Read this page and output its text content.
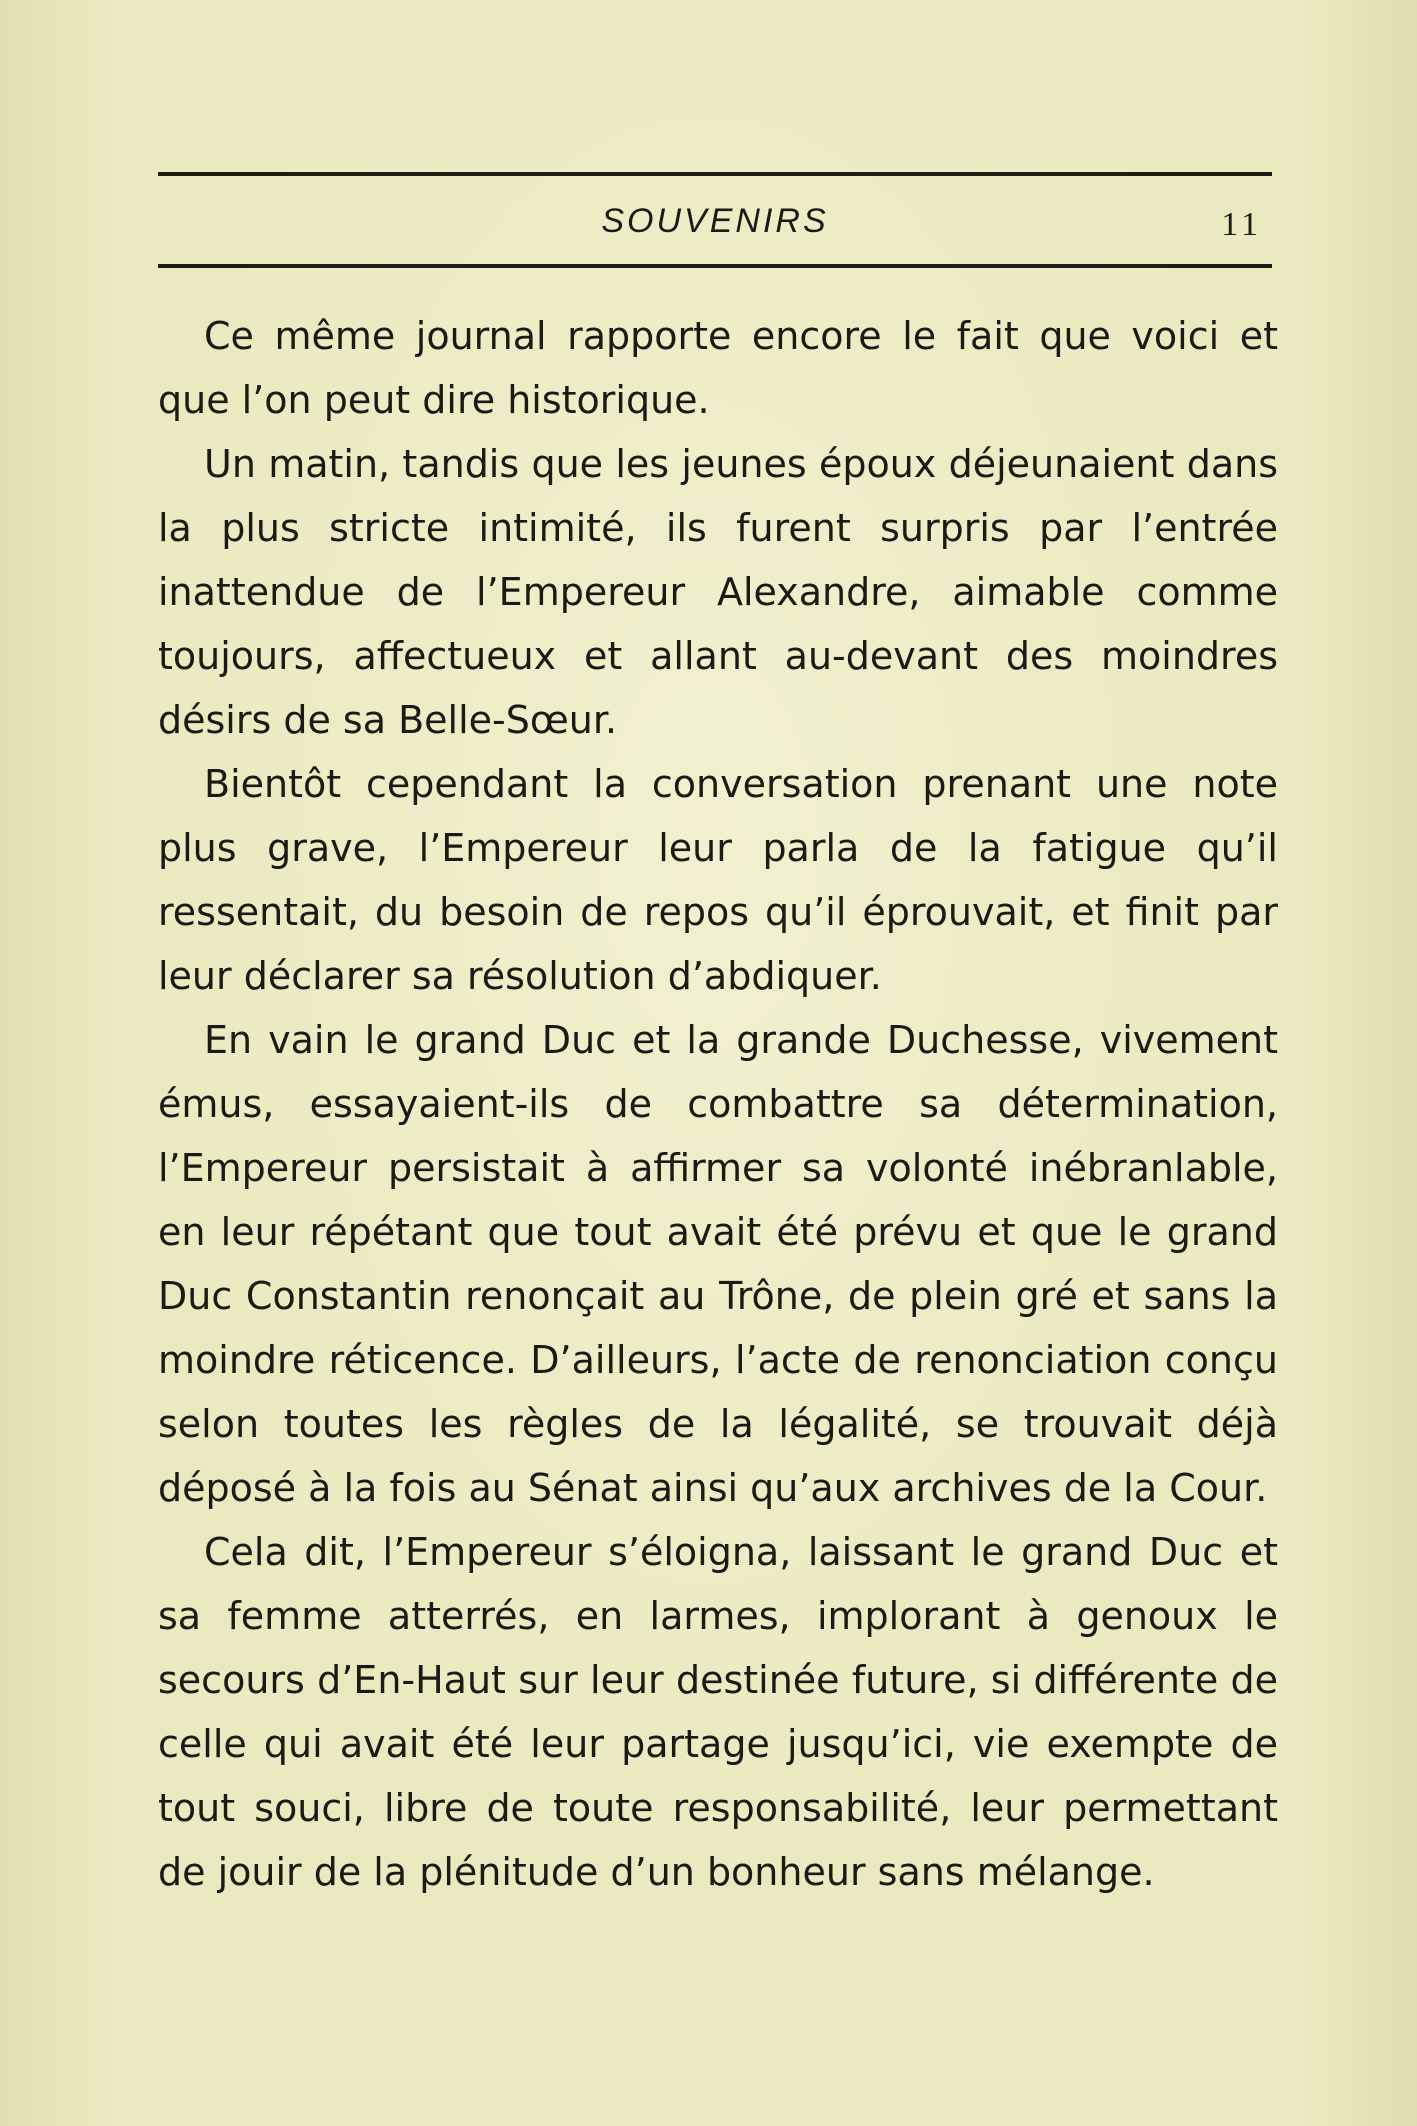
SOUVENIRS	11

Ce même journal rapporte encore le fait que voici et que l’on peut dire historique.

Un matin, tandis que les jeunes époux déjeunaient dans la plus stricte intimité, ils furent surpris par l’entrée inattendue de l’Empereur Alexandre, aimable comme toujours, affectueux et allant au-devant des moindres désirs de sa Belle-Sœur.

Bientôt cependant la conversation prenant une note plus grave, l’Empereur leur parla de la fatigue qu’il ressentait, du besoin de repos qu’il éprouvait, et finit par leur déclarer sa résolution d’abdiquer.

En vain le grand Duc et la grande Duchesse, vivement émus, essayaient-ils de combattre sa détermination, l’Empereur persistait à affirmer sa volonté inébranlable, en leur répétant que tout avait été prévu et que le grand Duc Constantin renonçait au Trône, de plein gré et sans la moindre réticence. D’ailleurs, l’acte de renonciation conçu selon toutes les règles de la légalité, se trouvait déjà déposé à la fois au Sénat ainsi qu’aux archives de la Cour.

Cela dit, l’Empereur s’éloigna, laissant le grand Duc et sa femme atterrés, en larmes, implorant à genoux le secours d’En-Haut sur leur destinée future, si différente de celle qui avait été leur partage jusqu’ici, vie exempte de tout souci, libre de toute responsabilité, leur permettant de jouir de la plénitude d’un bonheur sans mélange.
